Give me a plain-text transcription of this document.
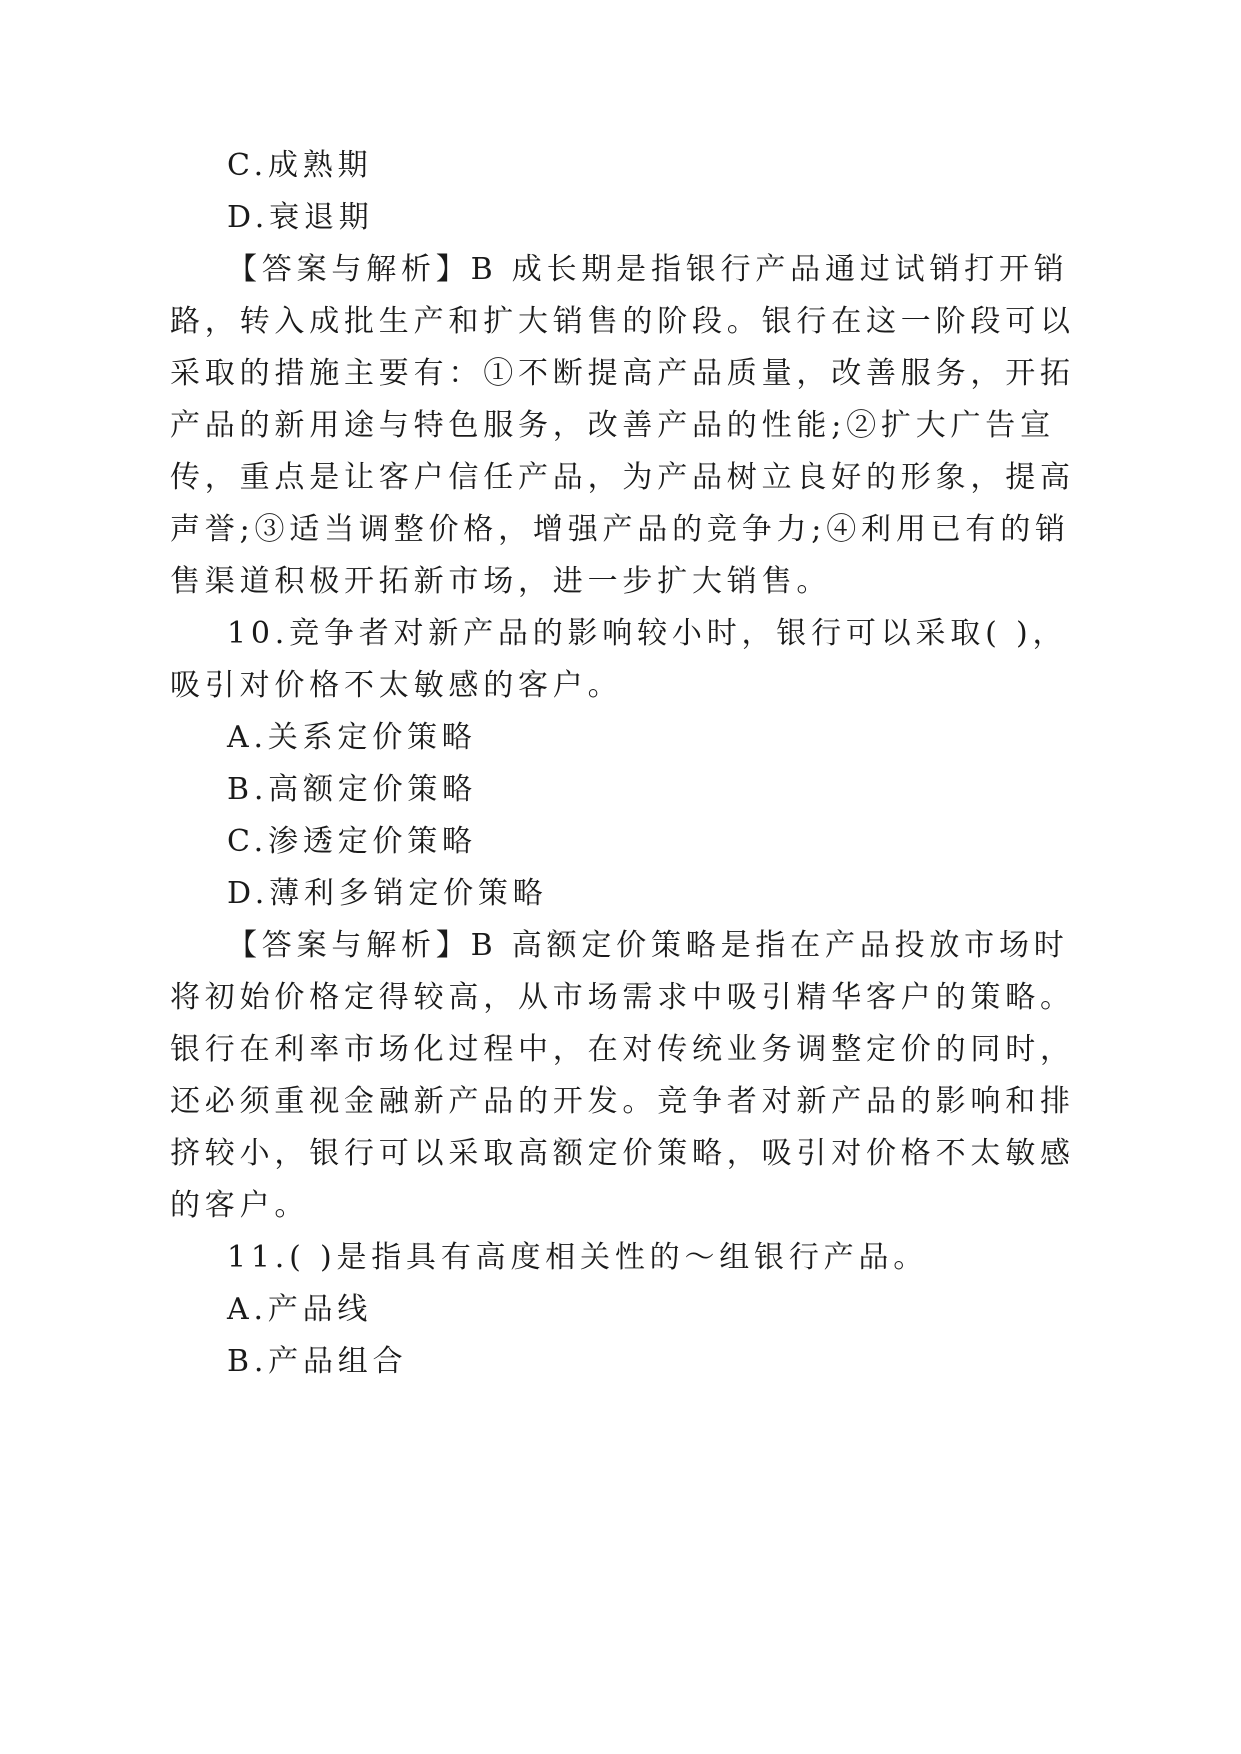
C.成熟期
D.衰退期
【答案与解析】B 成长期是指银行产品通过试销打开销
路，转入成批生产和扩大销售的阶段。银行在这一阶段可以
采取的措施主要有：①不断提高产品质量，改善服务，开拓
产品的新用途与特色服务，改善产品的性能;②扩大广告宣
传，重点是让客户信任产品，为产品树立良好的形象，提高
声誉;③适当调整价格，增强产品的竞争力;④利用已有的销
售渠道积极开拓新市场，进一步扩大销售。
10.竞争者对新产品的影响较小时，银行可以采取( )，
吸引对价格不太敏感的客户。
A.关系定价策略
B.高额定价策略
C.渗透定价策略
D.薄利多销定价策略
【答案与解析】B 高额定价策略是指在产品投放市场时
将初始价格定得较高，从市场需求中吸引精华客户的策略。
银行在利率市场化过程中，在对传统业务调整定价的同时，
还必须重视金融新产品的开发。竞争者对新产品的影响和排
挤较小，银行可以采取高额定价策略，吸引对价格不太敏感
的客户。
11.( )是指具有高度相关性的～组银行产品。
A.产品线
B.产品组合
